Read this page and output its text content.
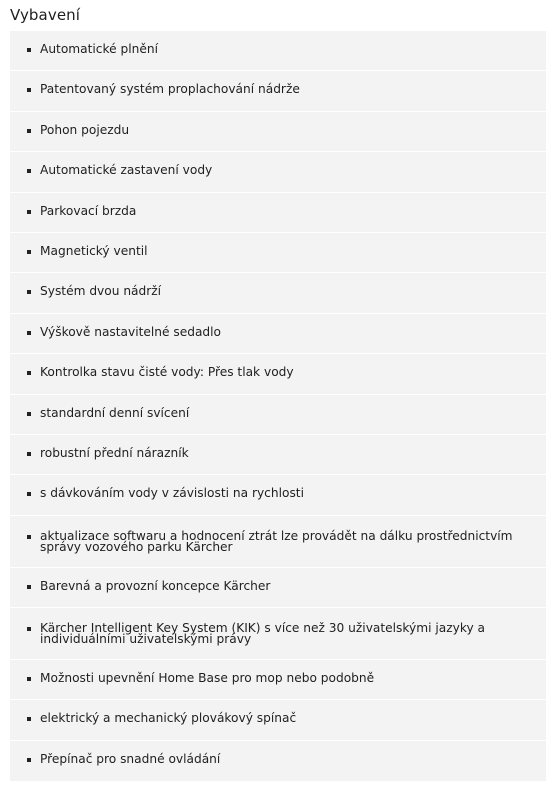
Vybavení
Automatické plnění
Patentovaný systém proplachování nádrže
Pohon pojezdu
Automatické zastavení vody
Parkovací brzda
Magnetický ventil
Systém dvou nádrží
Výškově nastavitelné sedadlo
Kontrolka stavu čisté vody: Přes tlak vody
standardní denní svícení
robustní přední nárazník
s dávkováním vody v závislosti na rychlosti
aktualizace softwaru a hodnocení ztrát lze provádět na dálku prostřednictvím správy vozového parku Kärcher
Barevná a provozní koncepce Kärcher
Kärcher Intelligent Key System (KIK) s více než 30 uživatelskými jazyky a individuálními uživatelskými právy
Možnosti upevnění Home Base pro mop nebo podobně
elektrický a mechanický plovákový spínač
Přepínač pro snadné ovládání
